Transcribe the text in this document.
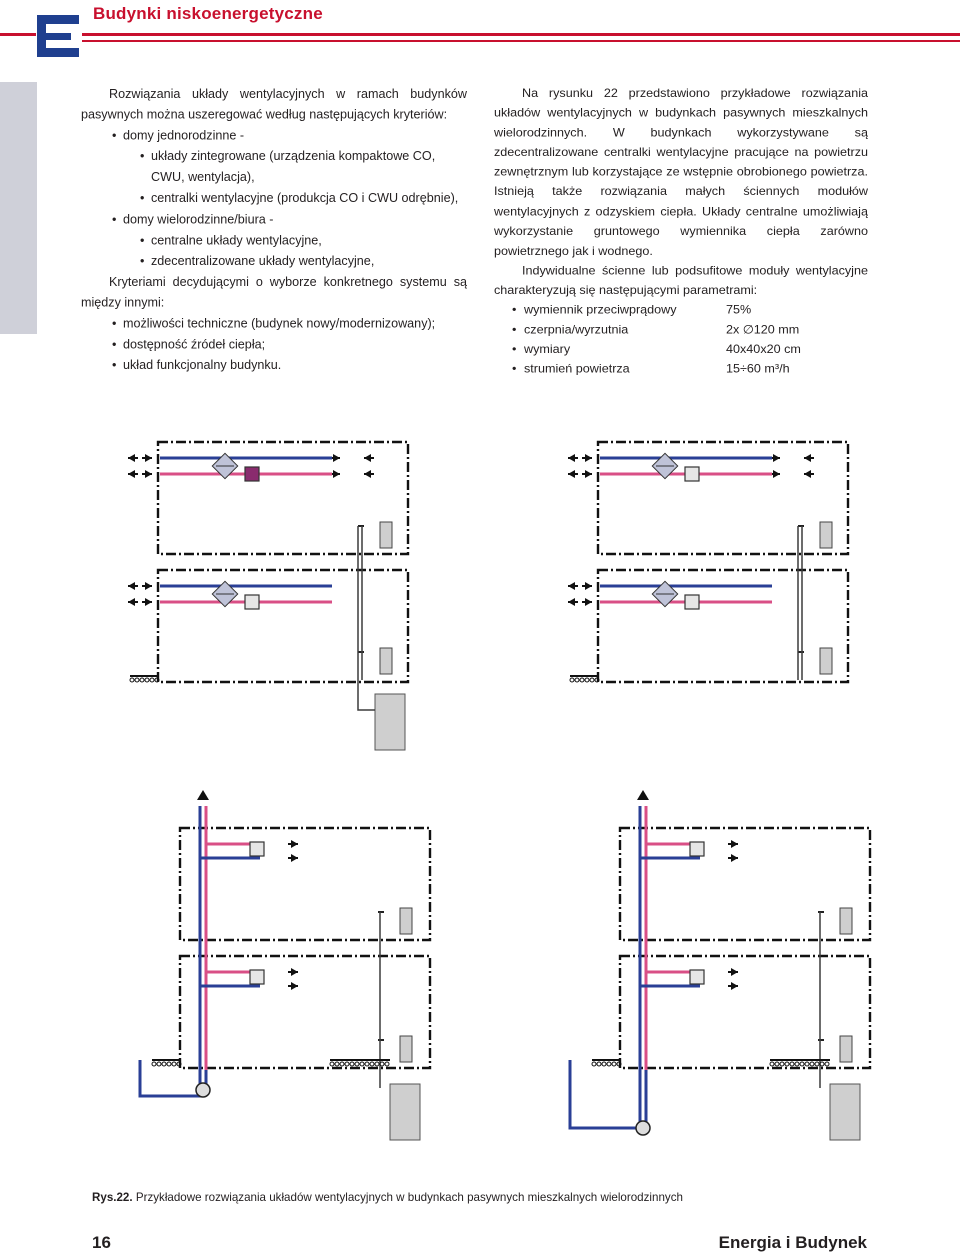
Budynki niskoenergetyczne

Rozwiązania układy wentylacyjnych w ramach budynków pasywnych można uszeregować według następujących kryteriów:

• domy jednorodzinne -
• układy zintegrowane (urządzenia kompaktowe CO, CWU, wentylacja),
• centralki wentylacyjne (produkcja CO i CWU odrębnie),
• domy wielorodzinne/biura -
• centralne układy wentylacyjne,
• zdecentralizowane układy wentylacyjne,

Kryteriami decydującymi o wyborze konkretnego systemu są między innymi:

• możliwości techniczne (budynek nowy/modernizowany);
• dostępność źródeł ciepła;
• układ funkcjonalny budynku.

Na rysunku 22 przedstawiono przykładowe rozwiązania układów wentylacyjnych w budynkach pasywnych mieszkalnych wielorodzinnych. W budynkach wykorzystywane są zdecentralizowane centralki wentylacyjne pracujące na powietrzu zewnętrznym lub korzystające ze wstępnie obrobionego powietrza. Istnieją także rozwiązania małych ściennych modułów wentylacyjnych z odzyskiem ciepła. Układy centralne umożliwiają wykorzystanie gruntowego wymiennika ciepła zarówno powietrznego jak i wodnego.

Indywidualne ścienne lub podsufitowe moduły wentylacyjne charakteryzują się następującymi parametrami:

• wymiennik przeciwprądowy	75%
• czerpnia/wyrzutnia	2x ∅120 mm
• wymiary	40x40x20 cm
• strumień powietrza	15÷60 m³/h
Rys.22. Przykładowe rozwiązania układów wentylacyjnych w budynkach pasywnych mieszkalnych wielorodzinnych
16	Energia i Budynek
